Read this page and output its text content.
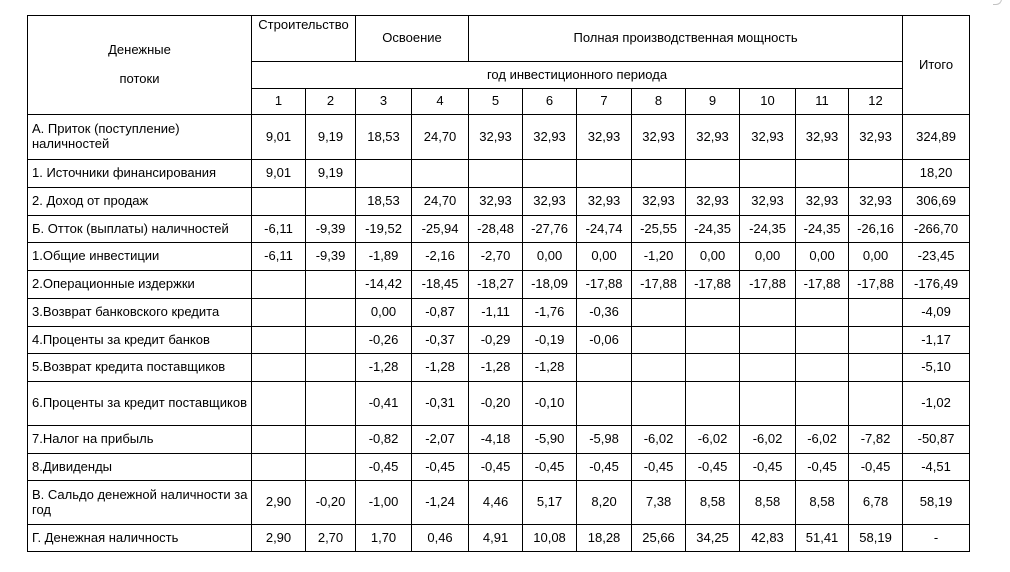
Денежные
потоки	Строительство		Освоение		Полная производственная мощность								Итого
	год инвестиционного периода												
	1	2	3	4	5	6	7	8	9	10	11	12	
А. Приток (поступление) наличностей	9,01	9,19	18,53	24,70	32,93	32,93	32,93	32,93	32,93	32,93	32,93	32,93	324,89
1. Источники финансирования	9,01	9,19											18,20
2. Доход от продаж			18,53	24,70	32,93	32,93	32,93	32,93	32,93	32,93	32,93	32,93	306,69
Б. Отток (выплаты) наличностей	-6,11	-9,39	-19,52	-25,94	-28,48	-27,76	-24,74	-25,55	-24,35	-24,35	-24,35	-26,16	-266,70
1.Общие инвестиции	-6,11	-9,39	-1,89	-2,16	-2,70	0,00	0,00	-1,20	0,00	0,00	0,00	0,00	-23,45
2.Операционные издержки			-14,42	-18,45	-18,27	-18,09	-17,88	-17,88	-17,88	-17,88	-17,88	-17,88	-176,49
3.Возврат банковского кредита			0,00	-0,87	-1,11	-1,76	-0,36						-4,09
4.Проценты за кредит банков			-0,26	-0,37	-0,29	-0,19	-0,06						-1,17
5.Возврат кредита поставщиков			-1,28	-1,28	-1,28	-1,28							-5,10
6.Проценты за кредит поставщиков			-0,41	-0,31	-0,20	-0,10							-1,02
7.Налог на прибыль			-0,82	-2,07	-4,18	-5,90	-5,98	-6,02	-6,02	-6,02	-6,02	-7,82	-50,87
8.Дивиденды			-0,45	-0,45	-0,45	-0,45	-0,45	-0,45	-0,45	-0,45	-0,45	-0,45	-4,51
В. Сальдо денежной наличности за год	2,90	-0,20	-1,00	-1,24	4,46	5,17	8,20	7,38	8,58	8,58	8,58	6,78	58,19
Г. Денежная наличность	2,90	2,70	1,70	0,46	4,91	10,08	18,28	25,66	34,25	42,83	51,41	58,19	-
